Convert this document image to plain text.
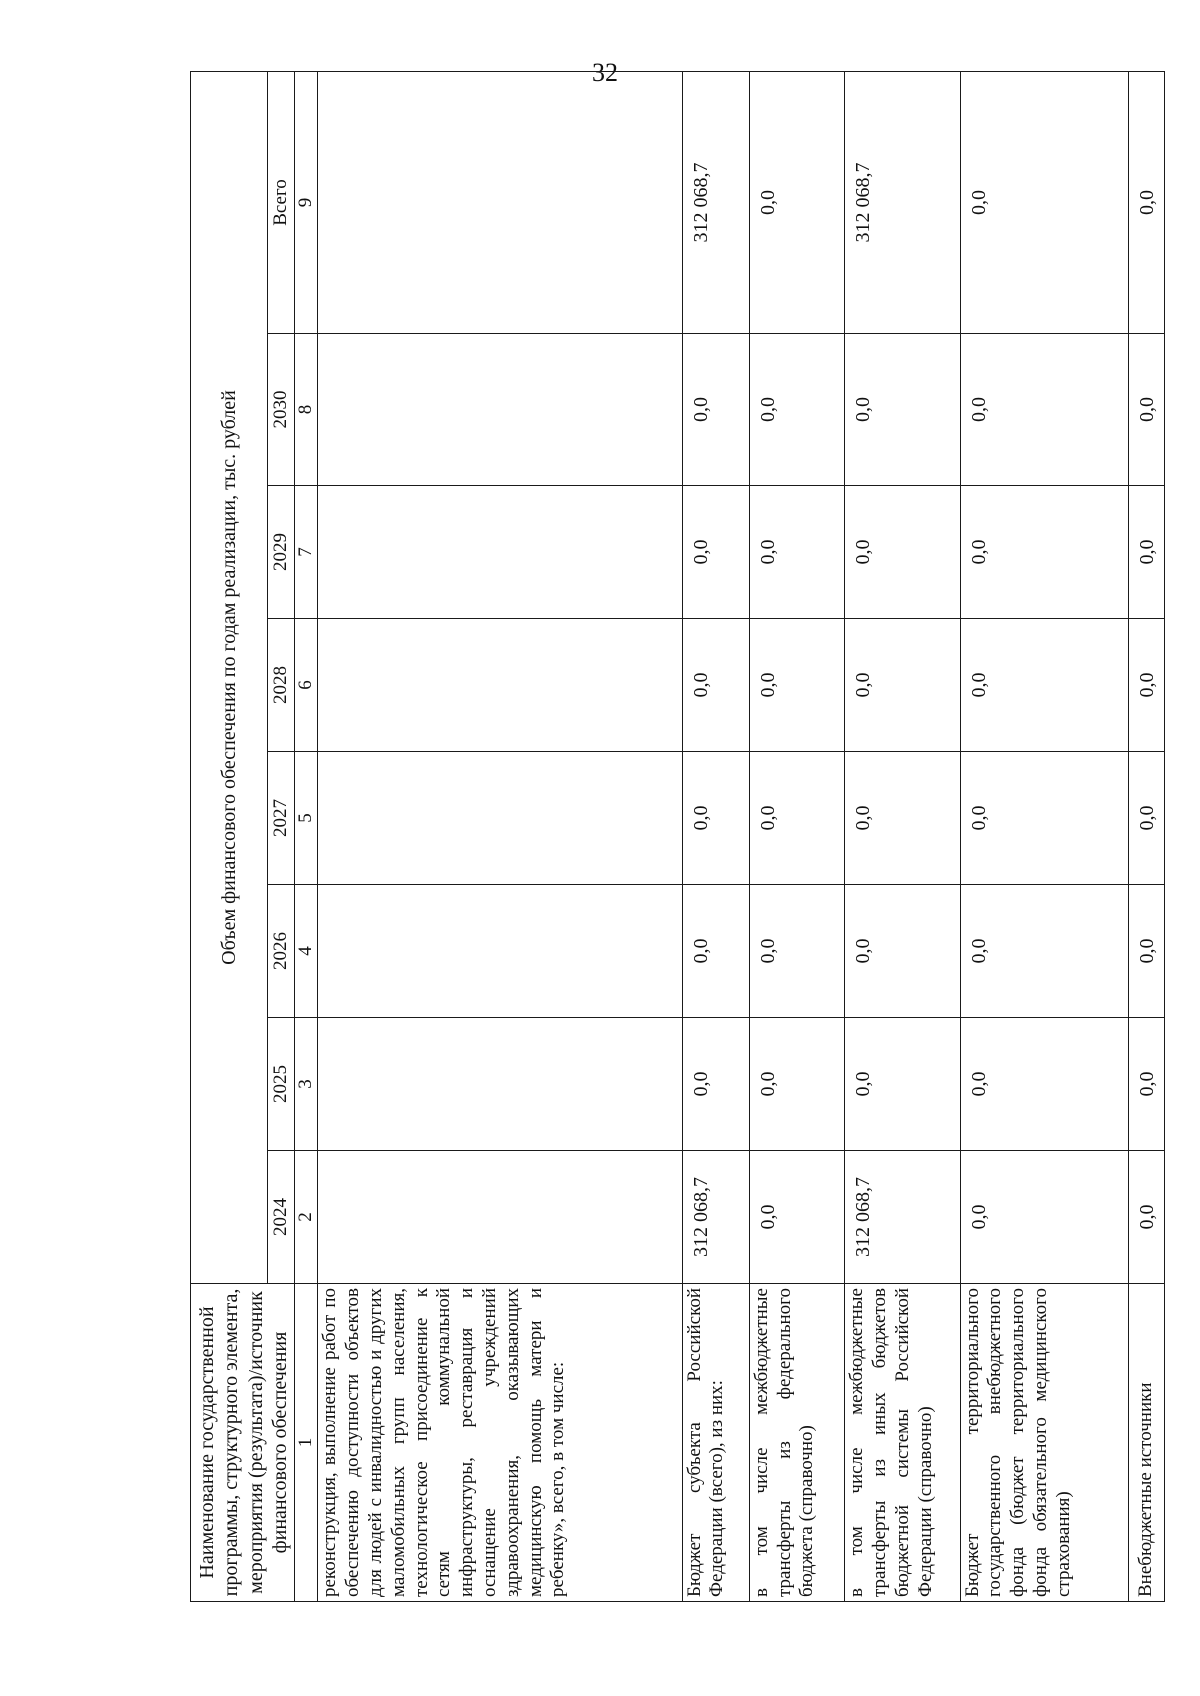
32
Наименование государственной программы, структурного элемента, мероприятия (результата)/источник финансового обеспечения	Объем финансового обеспечения по годам реализации, тыс. рублей							
	2024	2025	2026	2027	2028	2029	2030	Всего
1	2	3	4	5	6	7	8	9
реконструкция, выполнение работ по обеспечению доступности объектов для людей с инвалидностью и других маломобильных групп населения, технологическое присоединение к сетям коммунальной инфраструктуры, реставрация и оснащение учреждений здравоохранения, оказывающих медицинскую помощь матери и ребенку», всего, в том числе:								
Бюджет субъекта Российской Федерации (всего), из них:	312 068,7	0,0	0,0	0,0	0,0	0,0	0,0	312 068,7
в том числе межбюджетные трансферты из федерального бюджета (справочно)	0,0	0,0	0,0	0,0	0,0	0,0	0,0	0,0
в том числе межбюджетные трансферты из иных бюджетов бюджетной системы Российской Федерации (справочно)	312 068,7	0,0	0,0	0,0	0,0	0,0	0,0	312 068,7
Бюджет территориального государственного внебюджетного фонда (бюджет территориального фонда обязательного медицинского страхования)	0,0	0,0	0,0	0,0	0,0	0,0	0,0	0,0
Внебюджетные источники	0,0	0,0	0,0	0,0	0,0	0,0	0,0	0,0
